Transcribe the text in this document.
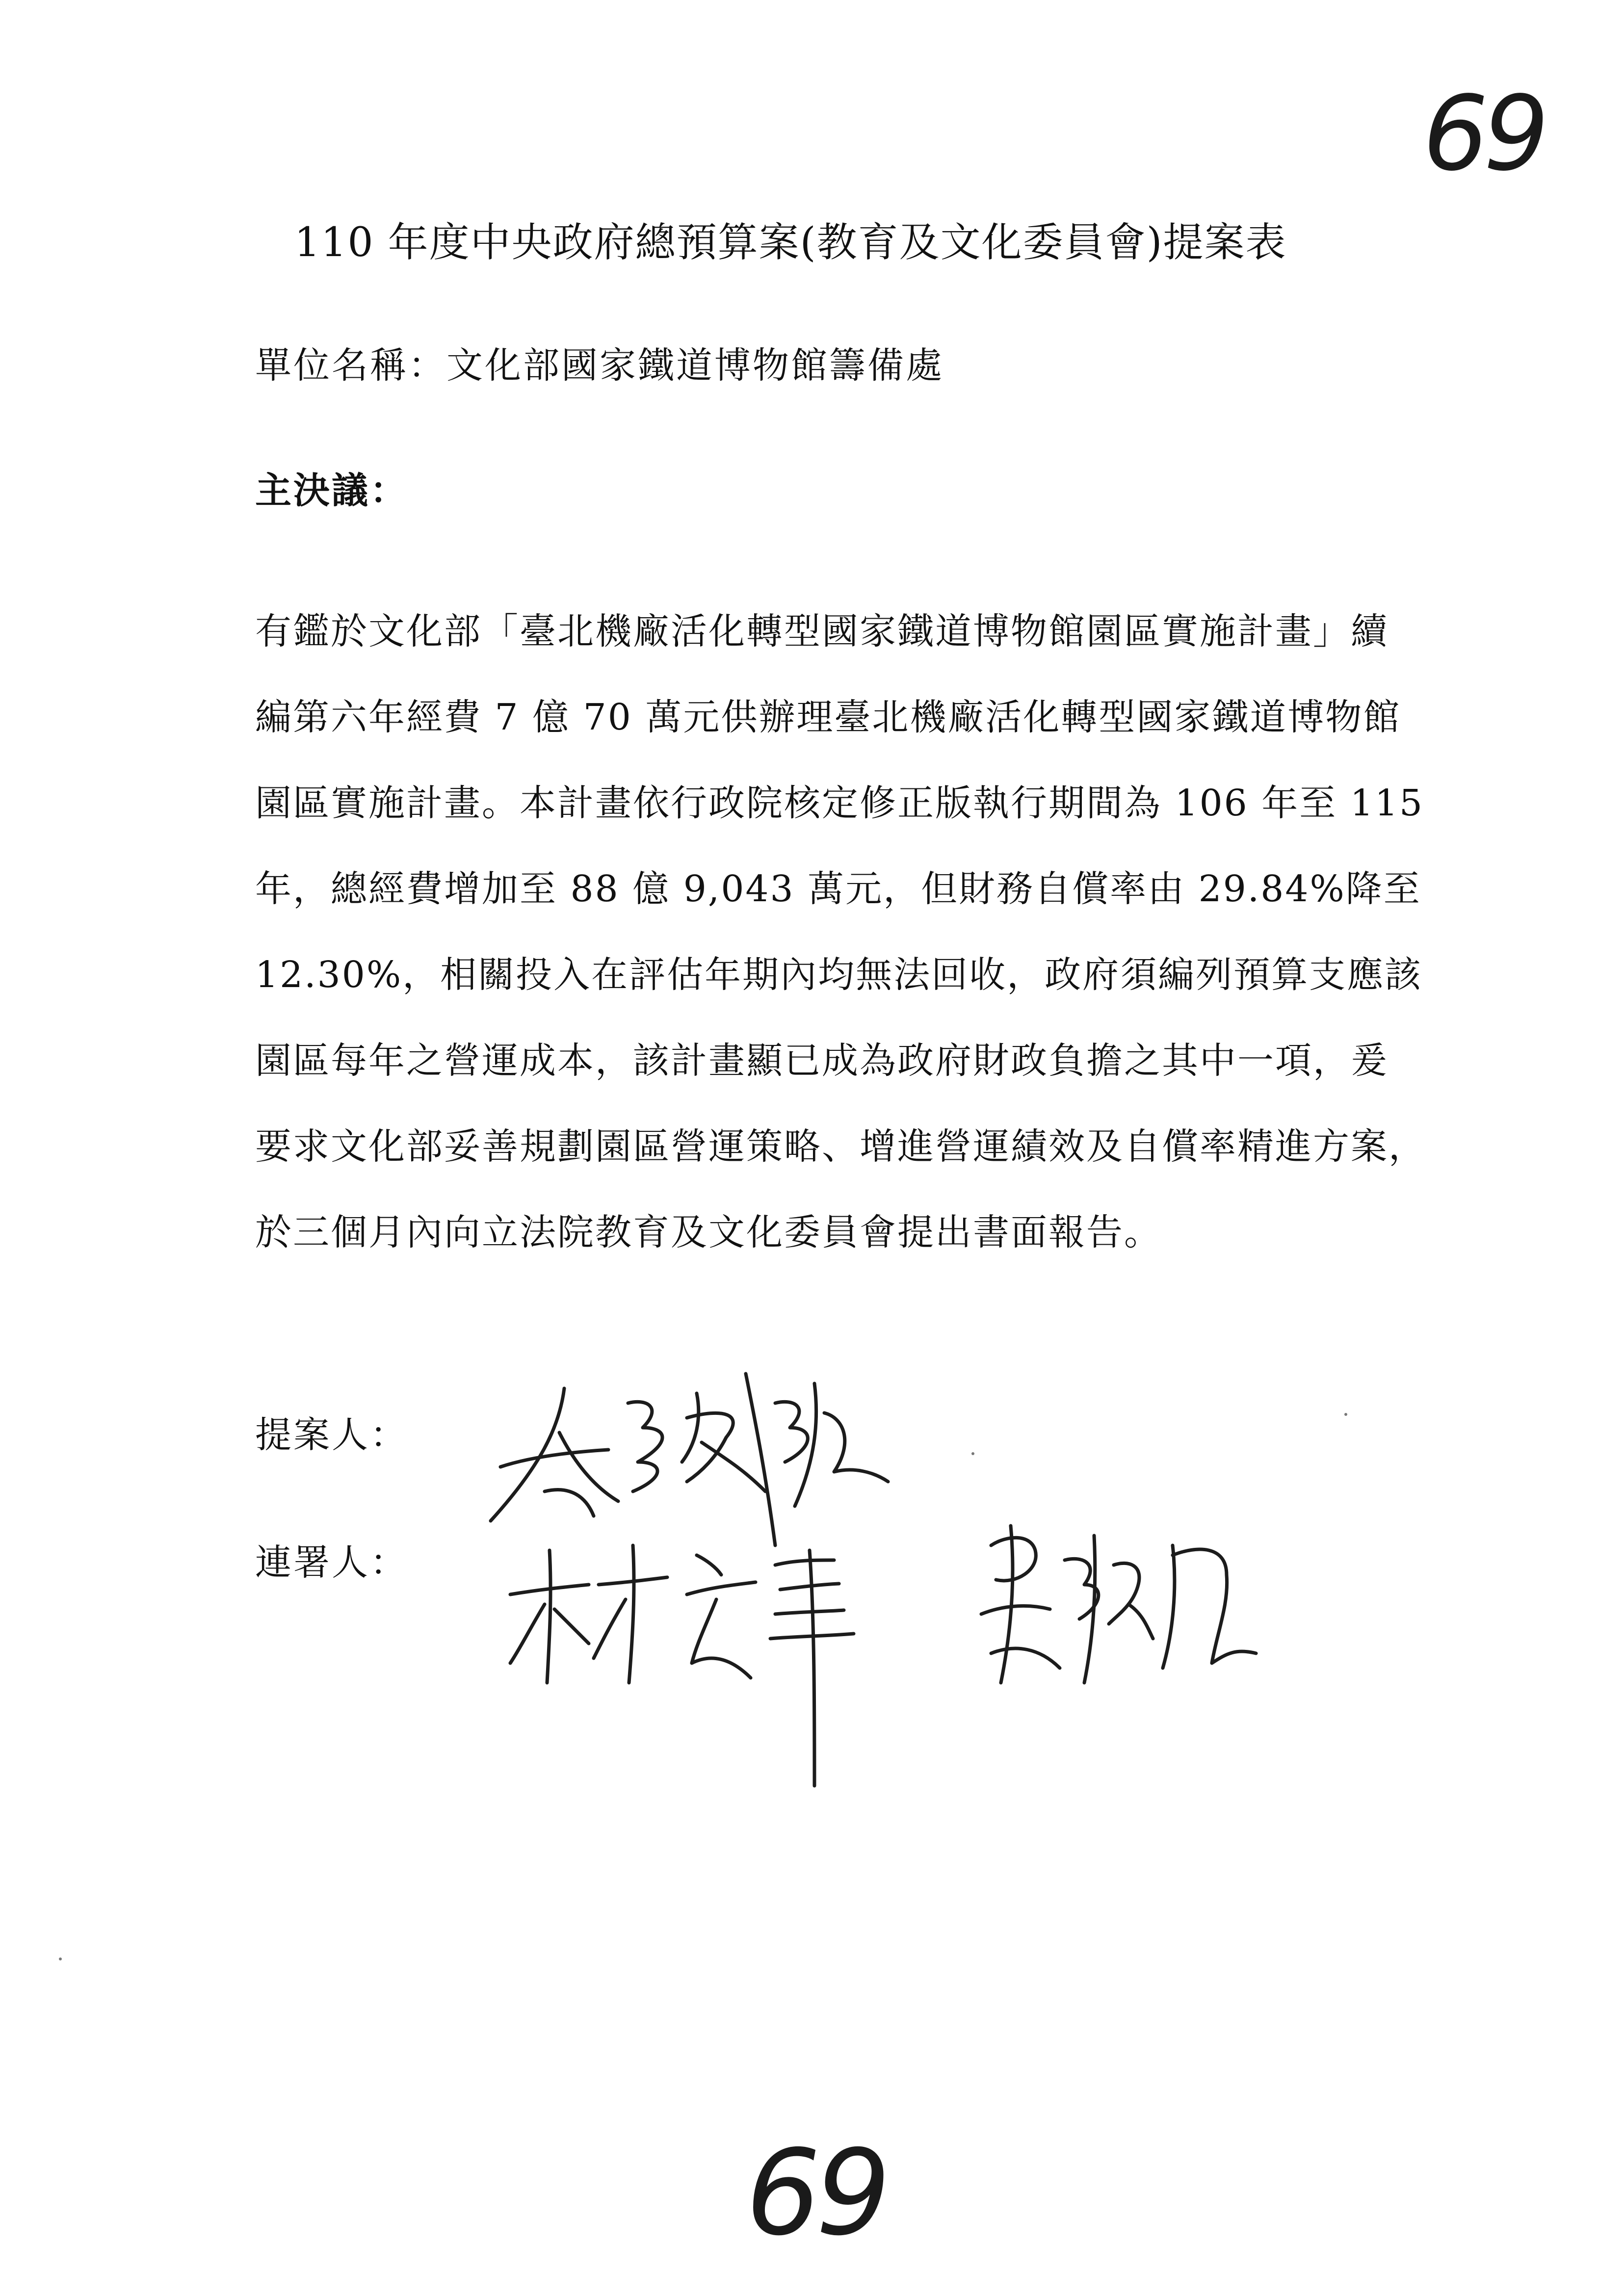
69
110 年度中央政府總預算案(教育及文化委員會)提案表
單位名稱：文化部國家鐵道博物館籌備處
主決議：
有鑑於文化部「臺北機廠活化轉型國家鐵道博物館園區實施計畫」續
編第六年經費 7 億 70 萬元供辦理臺北機廠活化轉型國家鐵道博物館
園區實施計畫。本計畫依行政院核定修正版執行期間為 106 年至 115
年，總經費增加至 88 億 9,043 萬元，但財務自償率由 29.84%降至
12.30%，相關投入在評估年期內均無法回收，政府須編列預算支應該
園區每年之營運成本，該計畫顯已成為政府財政負擔之其中一項，爰
要求文化部妥善規劃園區營運策略、增進營運績效及自償率精進方案，
於三個月內向立法院教育及文化委員會提出書面報告。
提案人：
連署人：
69
